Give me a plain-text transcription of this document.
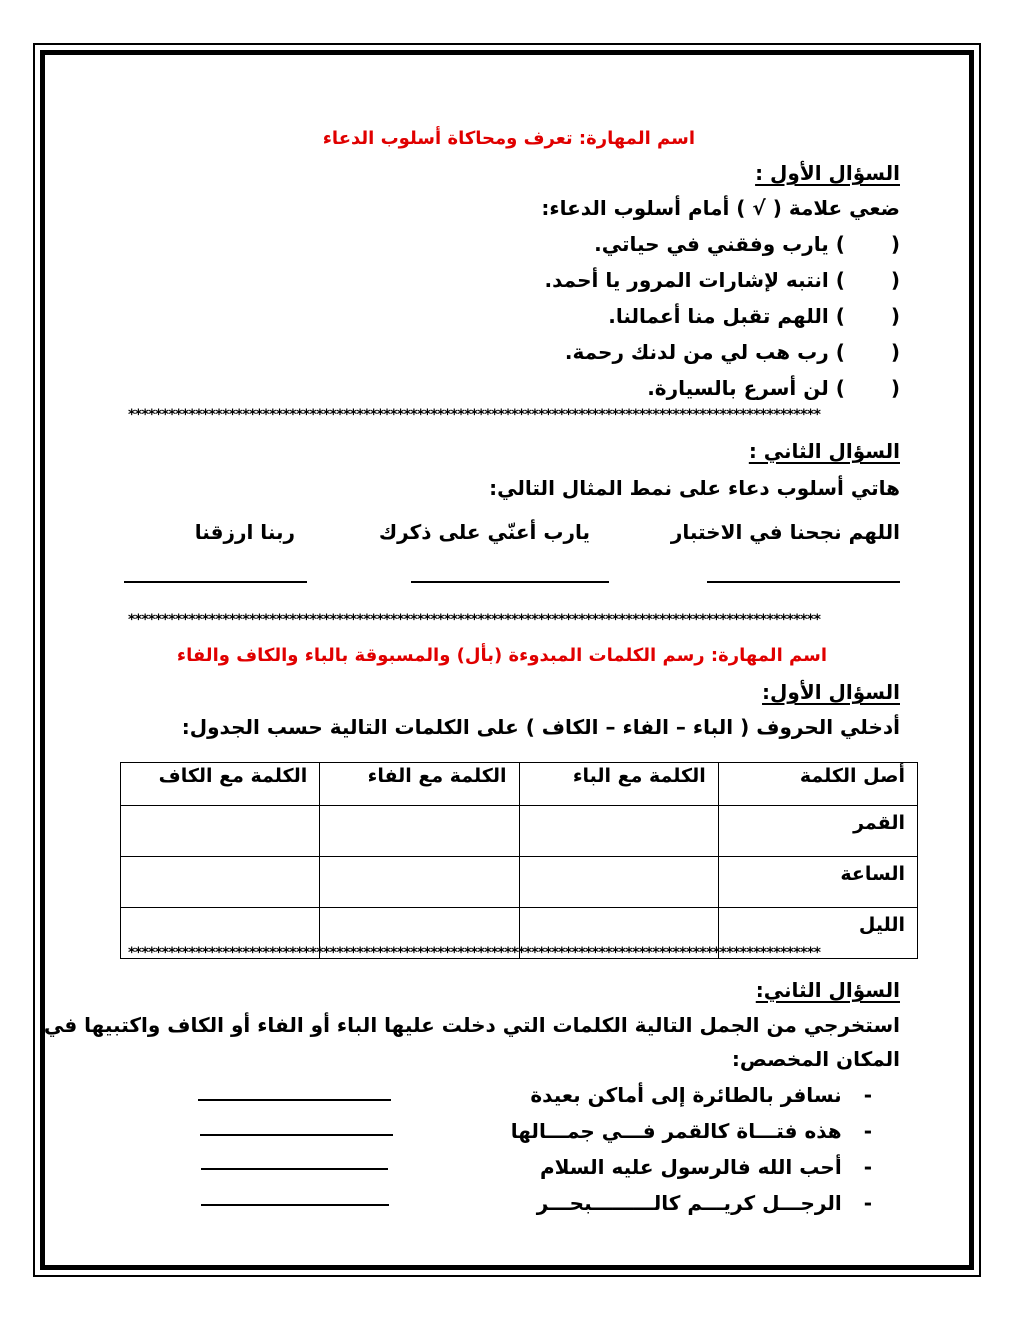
اسم المهارة: تعرف ومحاكاة أسلوب الدعاء
السؤال الأول :
ضعي علامة ( √ ) أمام أسلوب الدعاء:
() يارب وفقني في حياتي.
() انتبه لإشارات المرور يا أحمد.
() اللهم تقبل منا أعمالنا.
() رب هب لي من لدنك رحمة.
() لن أسرع بالسيارة.
*******************************************************************************************************
السؤال الثاني :
هاتي أسلوب دعاء على نمط المثال التالي:
اللهم نجحنا في الاختبار
يارب أعنّي على ذكرك
ربنا ارزقنا
*******************************************************************************************************
اسم المهارة: رسم الكلمات المبدوءة (بأل) والمسبوقة بالباء والكاف والفاء
السؤال الأول:
أدخلي الحروف ( الباء – الفاء – الكاف ) على الكلمات التالية حسب الجدول:
أصل الكلمة	الكلمة مع الباء	الكلمة مع الفاء	الكلمة مع الكاف
القمر			
الساعة			
الليل			
*******************************************************************************************************
السؤال الثاني:
استخرجي من الجمل التالية الكلمات التي دخلت عليها الباء أو الفاء أو الكاف واكتبيها في
المكان المخصص:
-نسافر بالطائرة إلى أماكن بعيدة
-هذه فتـــاة كالقمر فـــي جمـــالها
-أحب الله فالرسول عليه السلام
-الرجـــل كريـــم كالـــــــــبحـــر
